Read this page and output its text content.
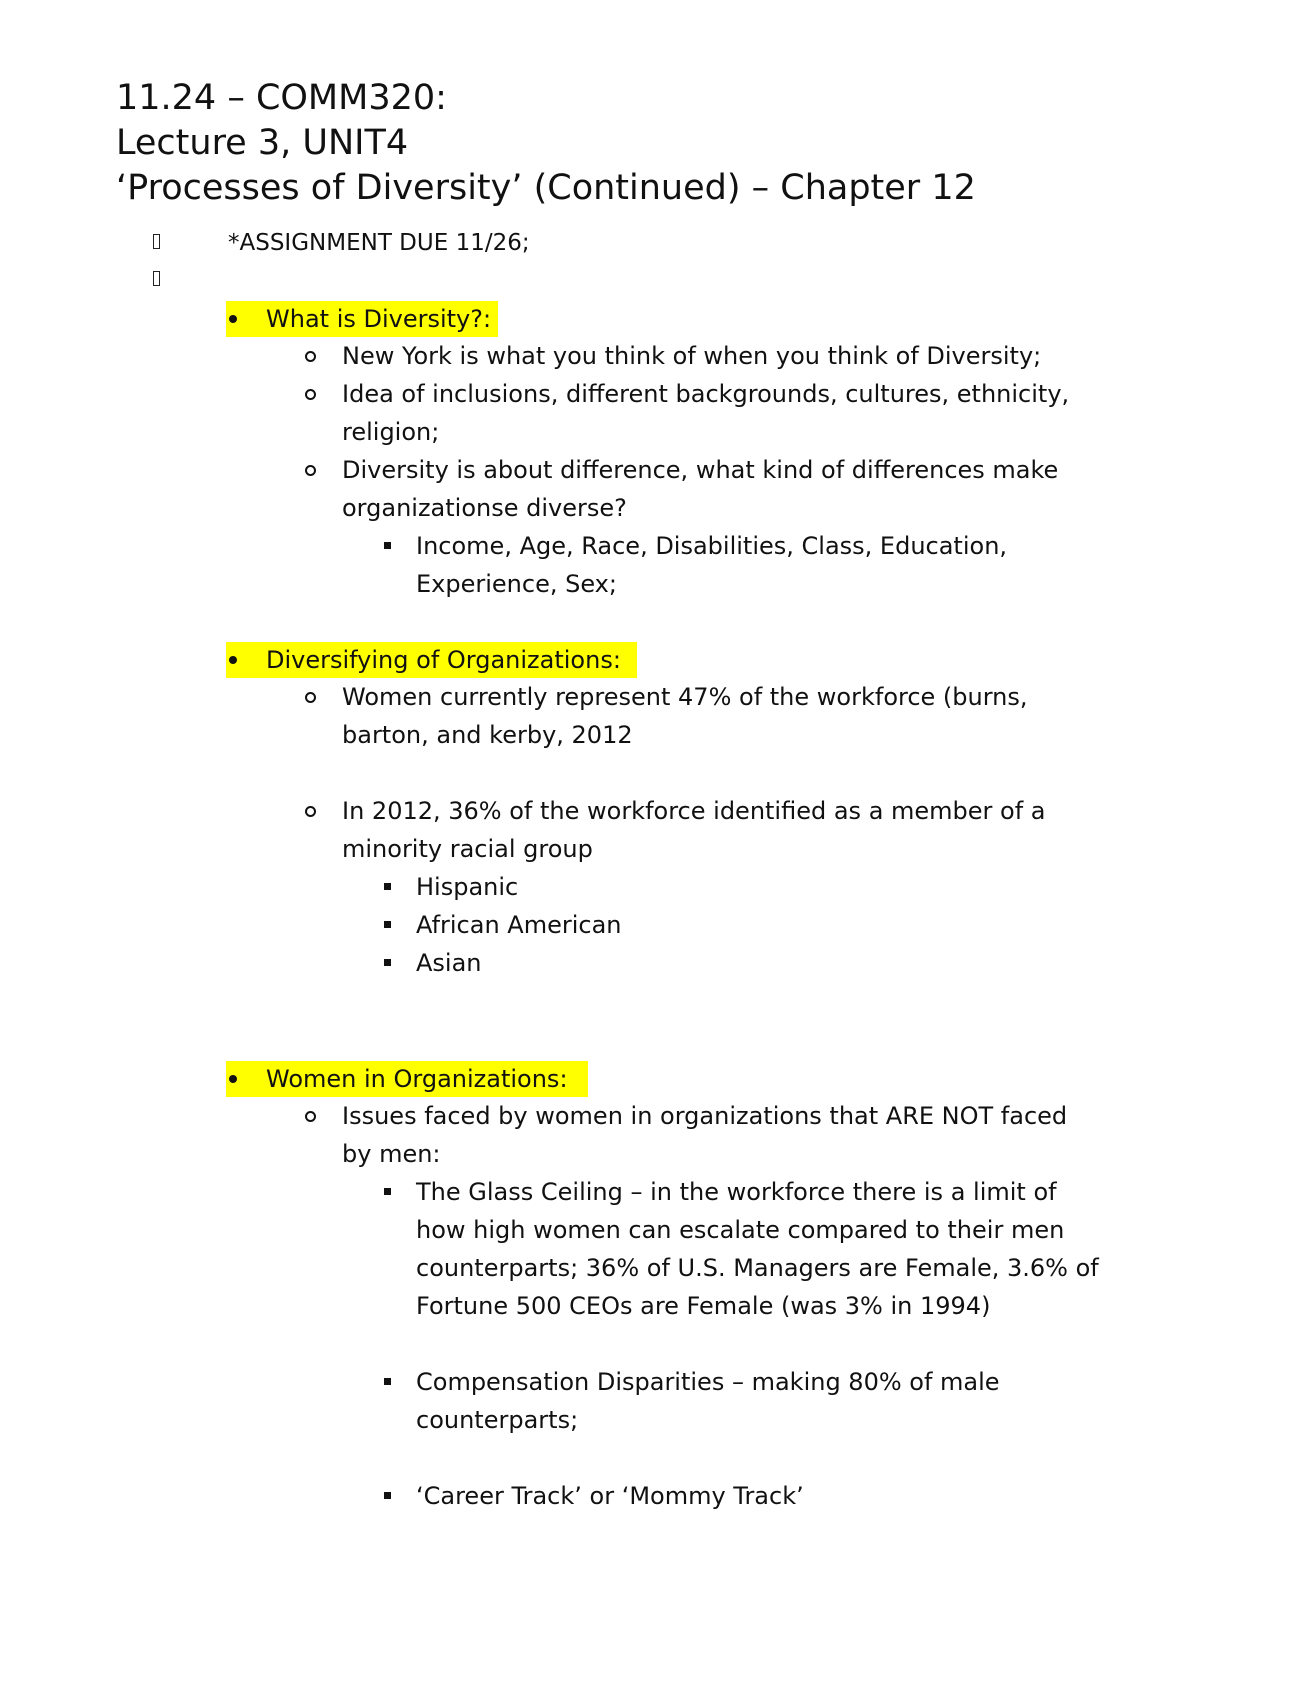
11.24 – COMM320:
Lecture 3, UNIT4
‘Processes of Diversity’ (Continued) – Chapter 12
*ASSIGNMENT DUE 11/26;
What is Diversity?:
New York is what you think of when you think of Diversity;
Idea of inclusions, different backgrounds, cultures, ethnicity,
religion;
Diversity is about difference, what kind of differences make
organizationse diverse?
Income, Age, Race, Disabilities, Class, Education,
Experience, Sex;
Diversifying of Organizations:
Women currently represent 47% of the workforce (burns,
barton, and kerby, 2012
In 2012, 36% of the workforce identified as a member of a
minority racial group
Hispanic
African American
Asian
Women in Organizations:
Issues faced by women in organizations that ARE NOT faced
by men:
The Glass Ceiling – in the workforce there is a limit of
how high women can escalate compared to their men
counterparts; 36% of U.S. Managers are Female, 3.6% of
Fortune 500 CEOs are Female (was 3% in 1994)
Compensation Disparities – making 80% of male
counterparts;
‘Career Track’ or ‘Mommy Track’
